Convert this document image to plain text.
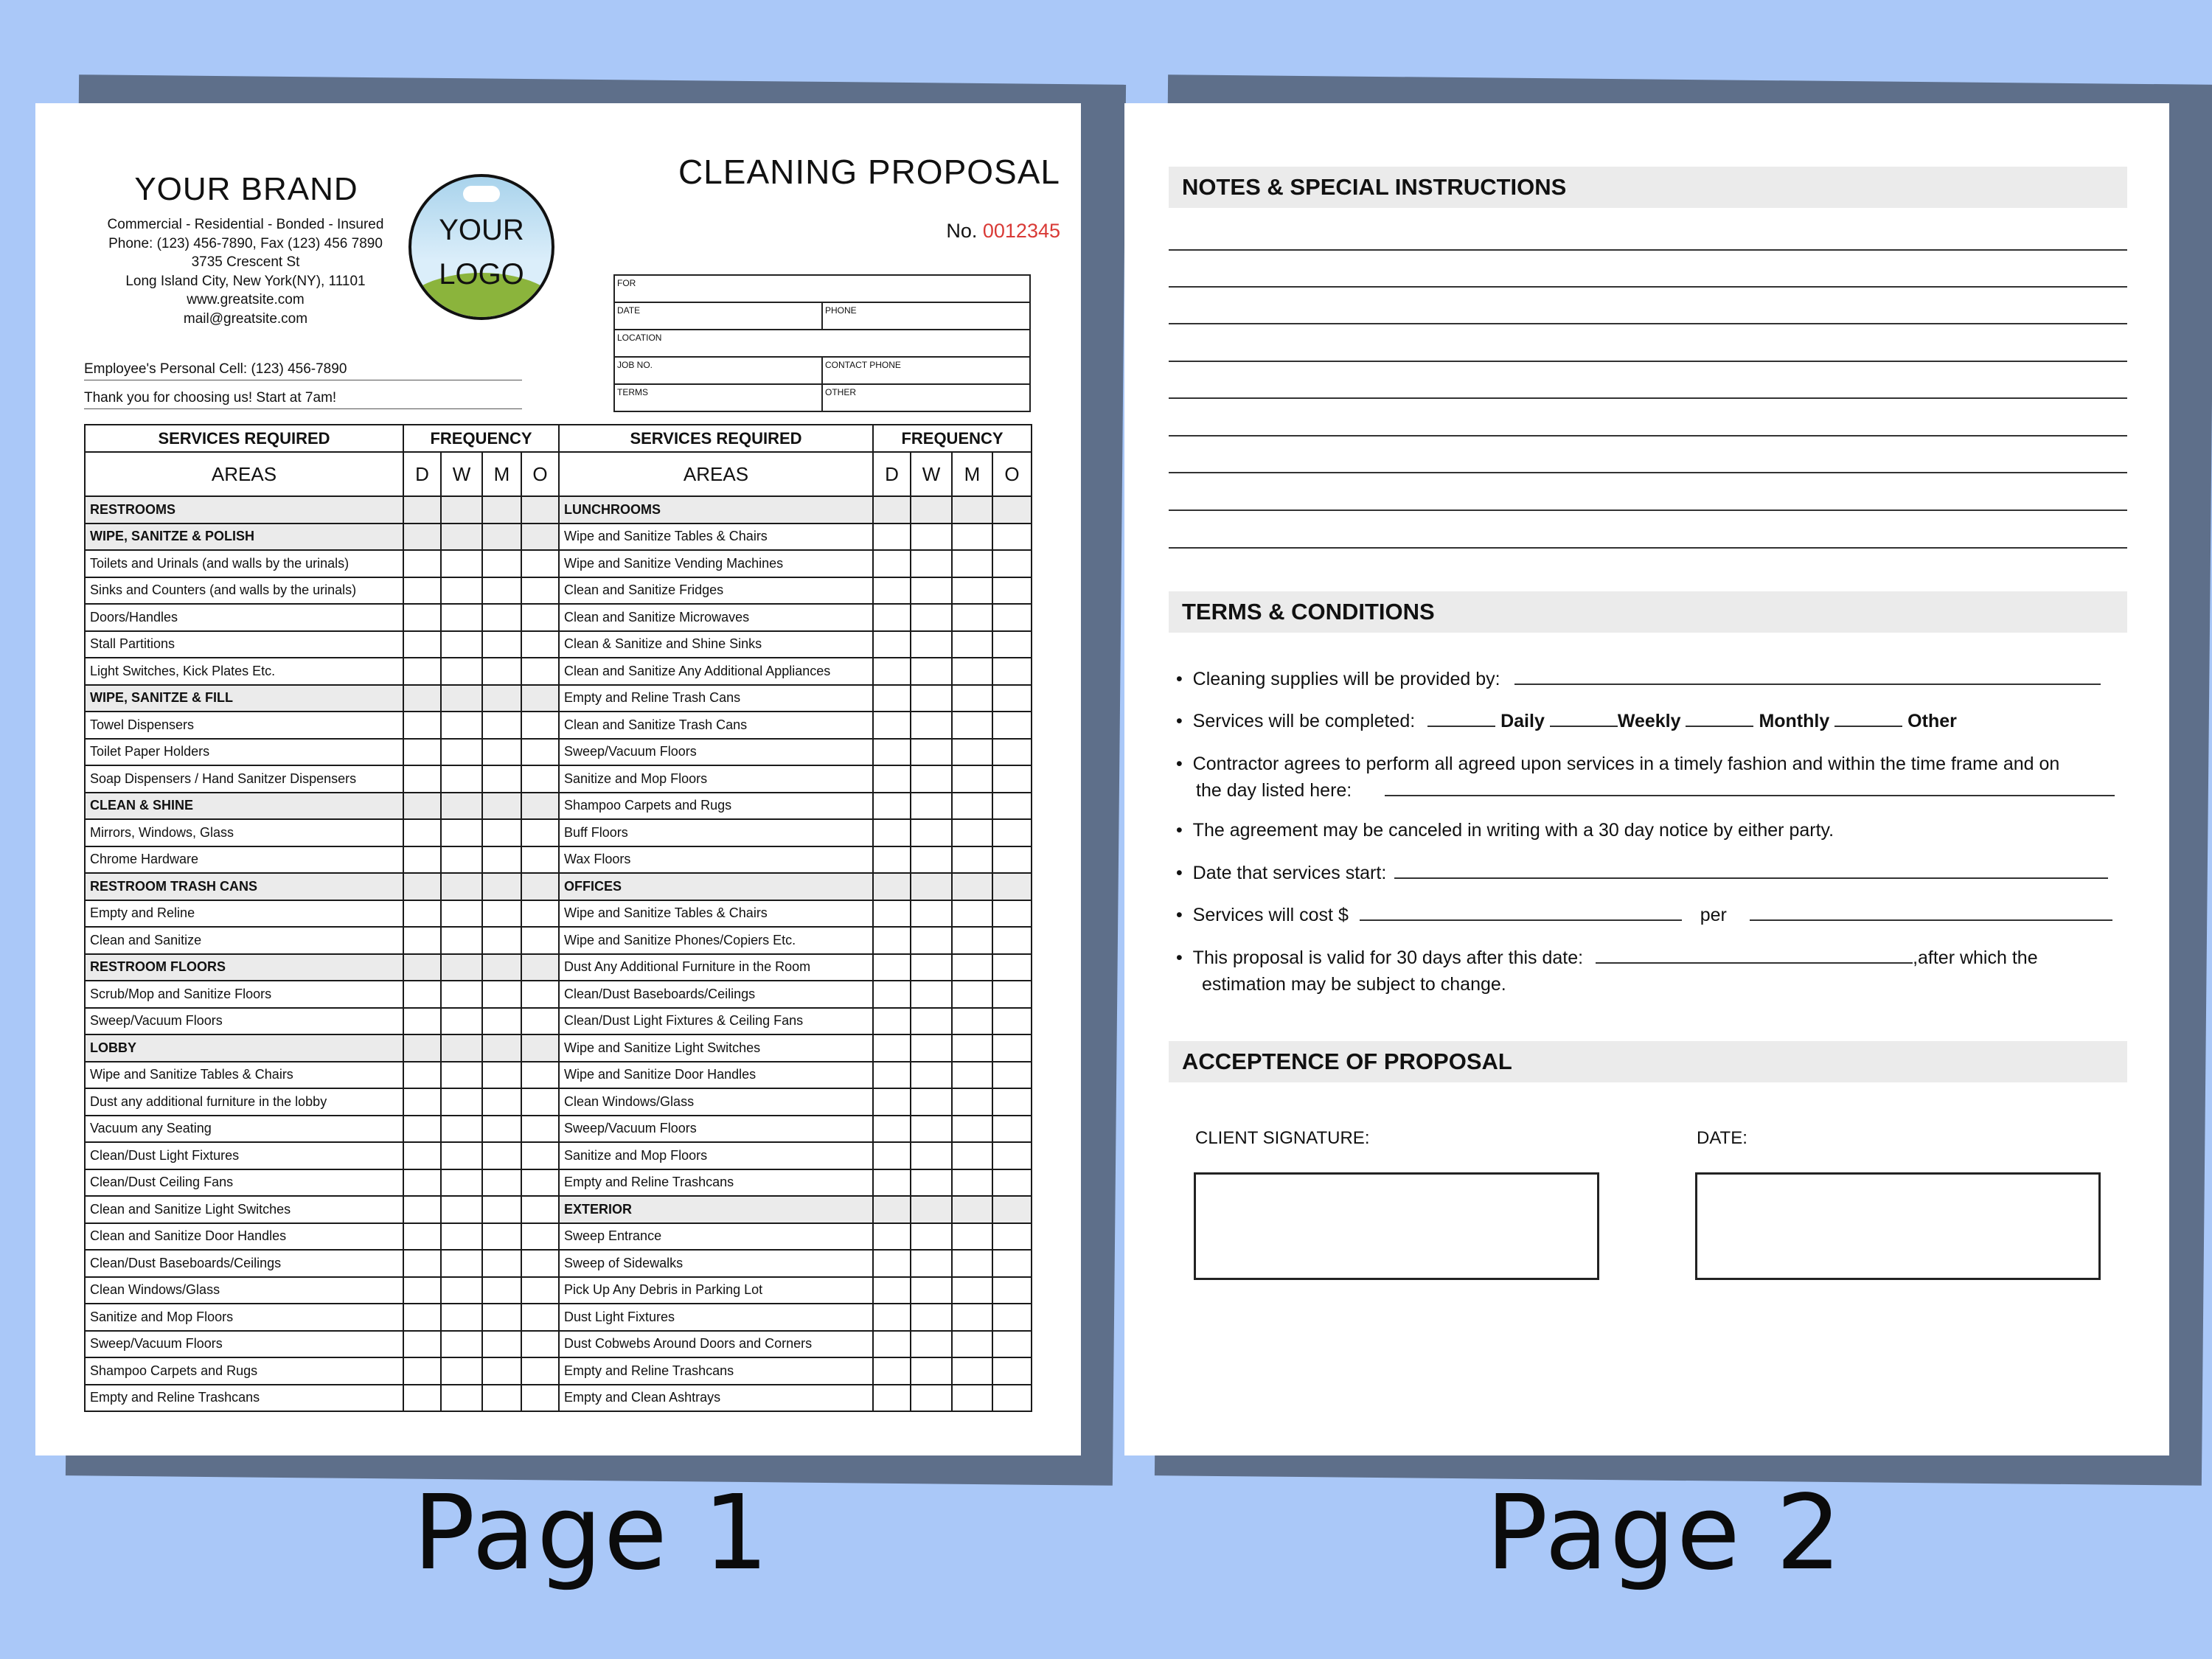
YOUR BRAND
Commercial - Residential - Bonded - Insured
Phone: (123) 456-7890, Fax (123) 456 7890
3735 Crescent St
Long Island City, New York(NY), 11101
www.greatsite.com
mail@greatsite.com
YOUR
LOGO
CLEANING PROPOSAL
No. 0012345
FOR	
DATE	PHONE
LOCATION	
JOB NO.	CONTACT PHONE
TERMS	OTHER
Employee's Personal Cell: (123) 456-7890
Thank you for choosing us! Start at 7am!
SERVICES REQUIRED	FREQUENCY				SERVICES REQUIRED	FREQUENCY			
AREAS	D	W	M	O	AREAS	D	W	M	O
RESTROOMS					LUNCHROOMS				
WIPE, SANITZE & POLISH					Wipe and Sanitize Tables & Chairs				
Toilets and Urinals (and walls by the urinals)					Wipe and Sanitize Vending Machines				
Sinks and Counters (and walls by the urinals)					Clean and Sanitize Fridges				
Doors/Handles					Clean and Sanitize Microwaves				
Stall Partitions					Clean & Sanitize and Shine Sinks				
Light Switches, Kick Plates Etc.					Clean and Sanitize Any Additional Appliances				
WIPE, SANITZE & FILL					Empty and Reline Trash Cans				
Towel Dispensers					Clean and Sanitize Trash Cans				
Toilet Paper Holders					Sweep/Vacuum Floors				
Soap Dispensers / Hand Sanitzer Dispensers					Sanitize and Mop Floors				
CLEAN & SHINE					Shampoo Carpets and Rugs				
Mirrors, Windows, Glass					Buff Floors				
Chrome Hardware					Wax Floors				
RESTROOM TRASH CANS					OFFICES				
Empty and Reline					Wipe and Sanitize Tables & Chairs				
Clean and Sanitize					Wipe and Sanitize Phones/Copiers Etc.				
RESTROOM FLOORS					Dust Any Additional Furniture in the Room				
Scrub/Mop and Sanitize Floors					Clean/Dust Baseboards/Ceilings				
Sweep/Vacuum Floors					Clean/Dust Light Fixtures & Ceiling Fans				
LOBBY					Wipe and Sanitize Light Switches				
Wipe and Sanitize Tables & Chairs					Wipe and Sanitize Door Handles				
Dust any additional furniture in the lobby					Clean Windows/Glass				
Vacuum any Seating					Sweep/Vacuum Floors				
Clean/Dust Light Fixtures					Sanitize and Mop Floors				
Clean/Dust Ceiling Fans					Empty and Reline Trashcans				
Clean and Sanitize Light Switches					EXTERIOR				
Clean and Sanitize Door Handles					Sweep Entrance				
Clean/Dust Baseboards/Ceilings					Sweep of Sidewalks				
Clean Windows/Glass					Pick Up Any Debris in Parking Lot				
Sanitize and Mop Floors					Dust Light Fixtures				
Sweep/Vacuum Floors					Dust Cobwebs Around Doors and Corners				
Shampoo Carpets and Rugs					Empty and Reline Trashcans				
Empty and Reline Trashcans					Empty and Clean Ashtrays				
NOTES & SPECIAL INSTRUCTIONS
TERMS & CONDITIONS
• Cleaning supplies will be provided by:
• Services will be completed:	Daily	Weekly	Monthly	Other
• Contractor agrees to perform all agreed upon services in a timely fashion and within the time frame and on
the day listed here:
• The agreement may be canceled in writing with a 30 day notice by either party.
• Date that services start:
• Services will cost $	per
• This proposal is valid for 30 days after this date:	,after which the
estimation may be subject to change.
ACCEPTENCE OF PROPOSAL
CLIENT SIGNATURE:	DATE:
Page 1	Page 2
